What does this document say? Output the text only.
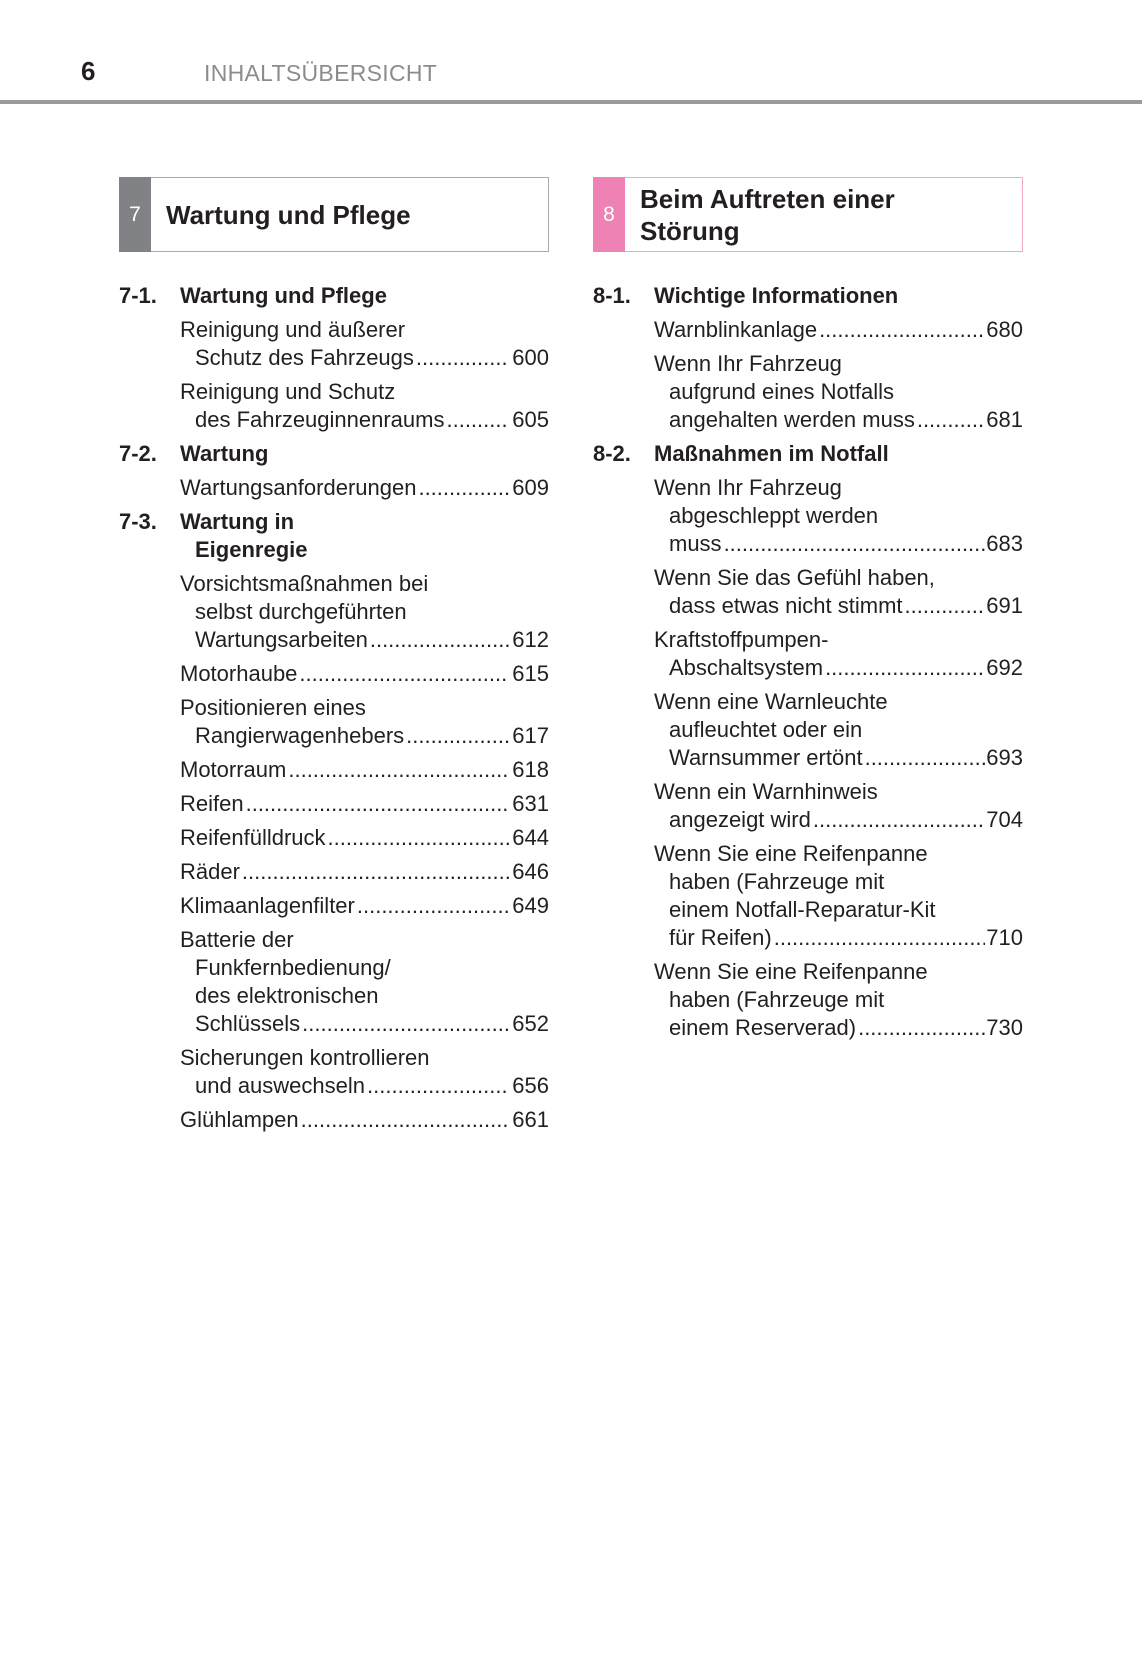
6	INHALTSÜBERSICHT
7 Wartung und Pflege
7-1.	Wartung und Pflege
Reinigung und äußerer
Schutz des Fahrzeugs .....	600
Reinigung und Schutz
des Fahrzeuginnenraums .....	605
7-2.	Wartung
Wartungsanforderungen .....	609
7-3.	Wartung in
Eigenregie
Vorsichtsmaßnahmen bei
selbst durchgeführten
Wartungsarbeiten .....	612
Motorhaube .....	615
Positionieren eines
Rangierwagenhebers .....	617
Motorraum .....	618
Reifen .....	631
Reifenfülldruck .....	644
Räder .....	646
Klimaanlagenfilter .....	649
Batterie der
Funkfernbedienung/
des elektronischen
Schlüssels .....	652
Sicherungen kontrollieren
und auswechseln .....	656
Glühlampen .....	661
8
Beim Auftreten einer
Störung
8-1.	Wichtige Informationen
Warnblinkanlage .....	680
Wenn Ihr Fahrzeug
aufgrund eines Notfalls
angehalten werden muss .....	681
8-2.	Maßnahmen im Notfall
Wenn Ihr Fahrzeug
abgeschleppt werden
muss .....	683
Wenn Sie das Gefühl haben,
dass etwas nicht stimmt .....	691
Kraftstoffpumpen-
Abschaltsystem .....	692
Wenn eine Warnleuchte
aufleuchtet oder ein
Warnsummer ertönt .....	693
Wenn ein Warnhinweis
angezeigt wird .....	704
Wenn Sie eine Reifenpanne
haben (Fahrzeuge mit
einem Notfall-Reparatur-Kit
für Reifen) .....	710
Wenn Sie eine Reifenpanne
haben (Fahrzeuge mit
einem Reserverad) .....	730
